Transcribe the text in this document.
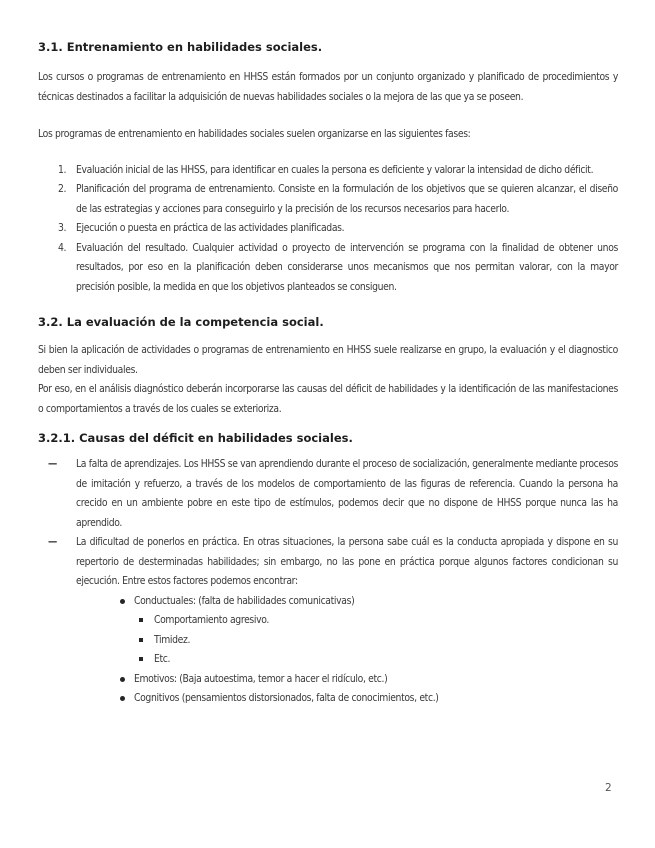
3.1. Entrenamiento en habilidades sociales.

Los cursos o programas de entrenamiento en HHSS están formados por un conjunto organizado y planificado de procedimientos y técnicas destinados a facilitar la adquisición de nuevas habilidades sociales o la mejora de las que ya se poseen.

Los programas de entrenamiento en habilidades sociales suelen organizarse en las siguientes fases:

1. Evaluación inicial de las HHSS, para identificar en cuales la persona es deficiente y valorar la intensidad de dicho déficit.
2. Planificación del programa de entrenamiento. Consiste en la formulación de los objetivos que se quieren alcanzar, el diseño de las estrategias y acciones para conseguirlo y la precisión de los recursos necesarios para hacerlo.
3. Ejecución o puesta en práctica de las actividades planificadas.
4. Evaluación del resultado. Cualquier actividad o proyecto de intervención se programa con la finalidad de obtener unos resultados, por eso en la planificación deben considerarse unos mecanismos que nos permitan valorar, con la mayor precisión posible, la medida en que los objetivos planteados se consiguen.
3.2. La evaluación de la competencia social.

Si bien la aplicación de actividades o programas de entrenamiento en HHSS suele realizarse en grupo, la evaluación y el diagnostico deben ser individuales.

Por eso, en el análisis diagnóstico deberán incorporarse las causas del déficit de habilidades y la identificación de las manifestaciones o comportamientos a través de los cuales se exterioriza.

3.2.1. Causas del déficit en habilidades sociales.
— La falta de aprendizajes. Los HHSS se van aprendiendo durante el proceso de socialización, generalmente mediante procesos de imitación y refuerzo, a través de los modelos de comportamiento de las figuras de referencia. Cuando la persona ha crecido en un ambiente pobre en este tipo de estímulos, podemos decir que no dispone de HHSS porque nunca las ha aprendido.
— La dificultad de ponerlos en práctica. En otras situaciones, la persona sabe cuál es la conducta apropiada y dispone en su repertorio de desterminadas habilidades; sin embargo, no las pone en práctica porque algunos factores condicionan su ejecución. Entre estos factores podemos encontrar:
Conductuales: (falta de habilidades comunicativas)
Comportamiento agresivo.
Timidez.
Etc.
Emotivos: (Baja autoestima, temor a hacer el ridículo, etc.)
Cognitivos (pensamientos distorsionados, falta de conocimientos, etc.)
2
